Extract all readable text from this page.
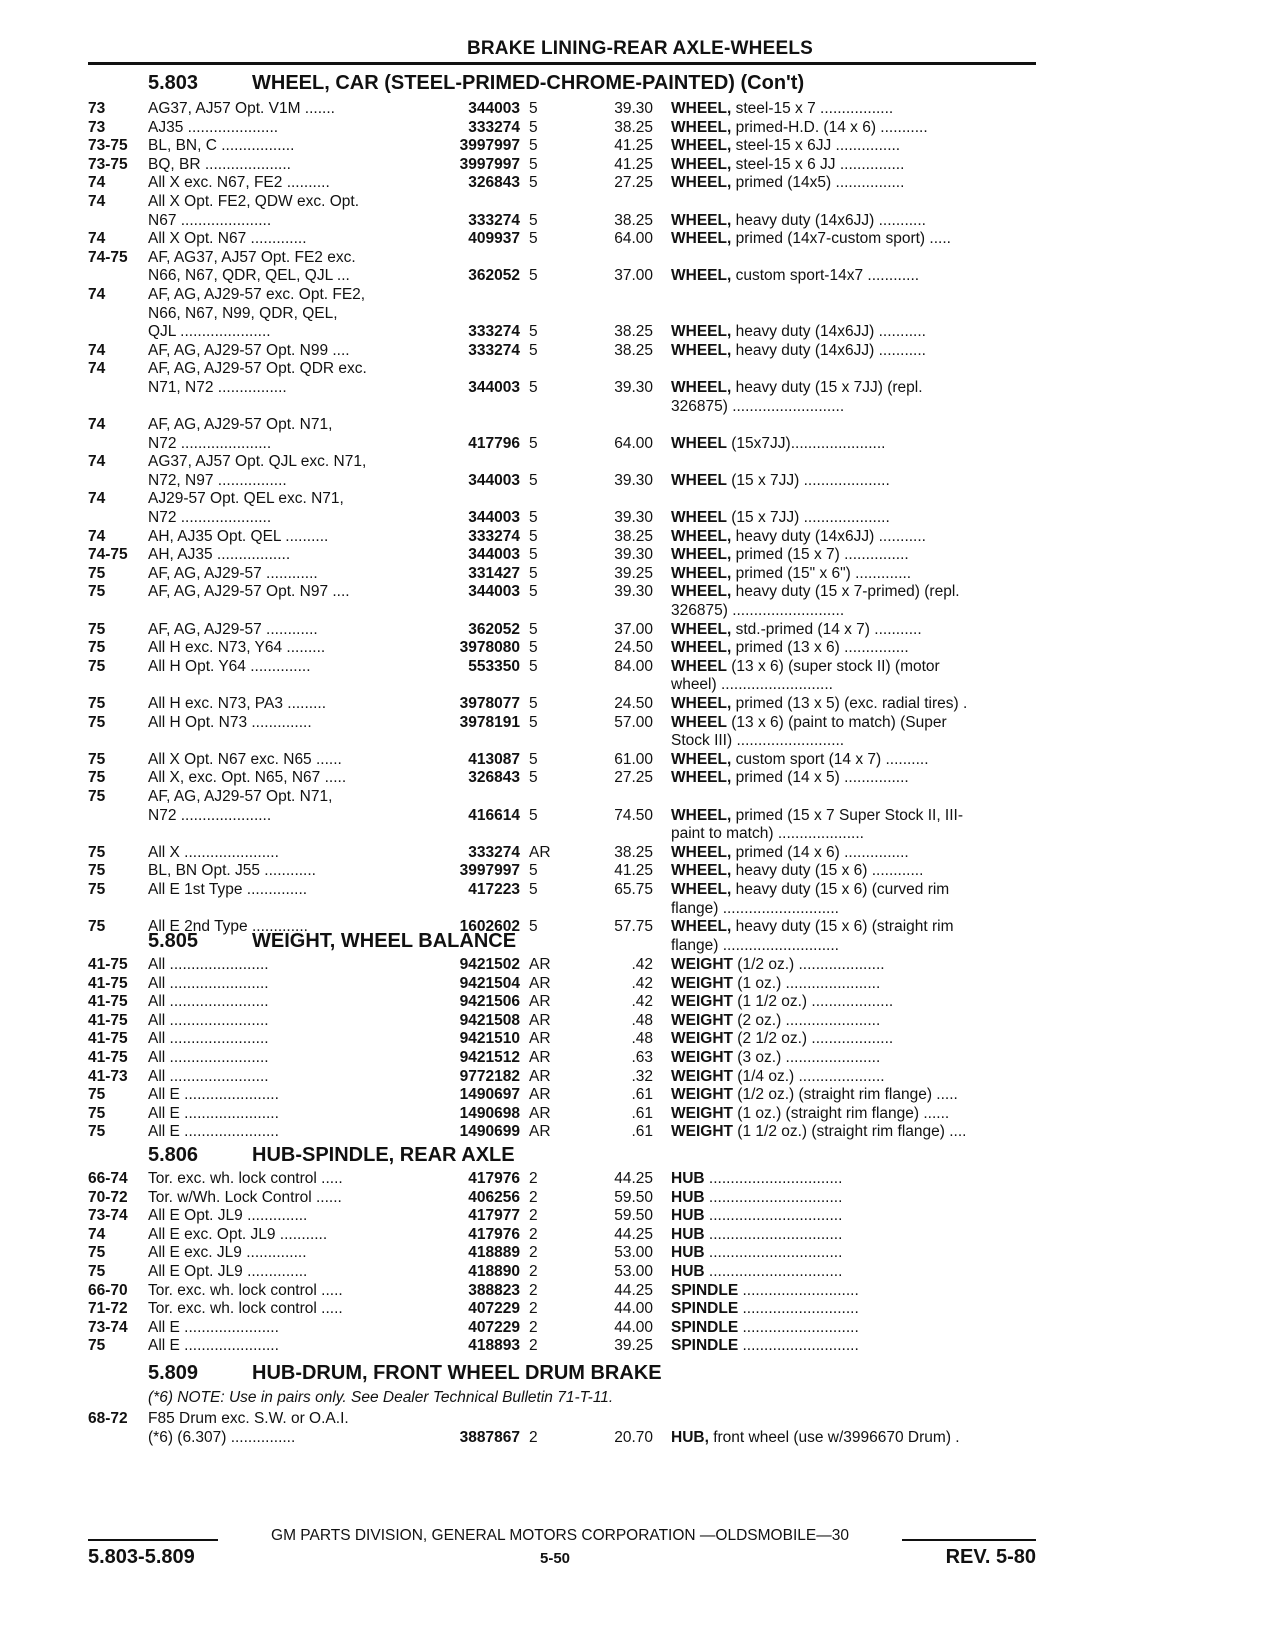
BRAKE LINING-REAR AXLE-WHEELS
5.803	WHEEL, CAR (STEEL-PRIMED-CHROME-PAINTED) (Con't)
73	AG37, AJ57 Opt. V1M .......	344003 5	39.30 WHEEL, steel-15 x 7 .................
73	AJ35 .....................	333274 5	38.25 WHEEL, primed-H.D. (14 x 6) ...........
73-75	BL, BN, C .................	3997997 5	41.25 WHEEL, steel-15 x 6JJ ...............
73-75	BQ, BR ....................	3997997 5	41.25 WHEEL, steel-15 x 6 JJ ...............
74	All X exc. N67, FE2 ..........	326843 5	27.25 WHEEL, primed (14x5) ................
74	All X Opt. FE2, QDW exc. Opt.
N67 .....................	333274 5	38.25 WHEEL, heavy duty (14x6JJ) ...........
74	All X Opt. N67 .............	409937 5	64.00 WHEEL, primed (14x7-custom sport) .....
74-75	AF, AG37, AJ57 Opt. FE2 exc.
N66, N67, QDR, QEL, QJL ...	362052 5	37.00 WHEEL, custom sport-14x7 ............
74	AF, AG, AJ29-57 exc. Opt. FE2,
N66, N67, N99, QDR, QEL,
QJL .....................	333274 5	38.25 WHEEL, heavy duty (14x6JJ) ...........
74	AF, AG, AJ29-57 Opt. N99 ....	333274 5	38.25 WHEEL, heavy duty (14x6JJ) ...........
74	AF, AG, AJ29-57 Opt. QDR exc.
N71, N72 ................	344003 5	39.30 WHEEL, heavy duty (15 x 7JJ) (repl.
326875) ..........................
74	AF, AG, AJ29-57 Opt. N71,
N72 .....................	417796 5	64.00 WHEEL (15x7JJ)......................
74	AG37, AJ57 Opt. QJL exc. N71,
N72, N97 ................	344003 5	39.30 WHEEL (15 x 7JJ) ....................
74	AJ29-57 Opt. QEL exc. N71,
N72 .....................	344003 5	39.30 WHEEL (15 x 7JJ) ....................
74	AH, AJ35 Opt. QEL ..........	333274 5	38.25 WHEEL, heavy duty (14x6JJ) ...........
74-75	AH, AJ35 .................	344003 5	39.30 WHEEL, primed (15 x 7) ...............
75	AF, AG, AJ29-57 ............	331427 5	39.25 WHEEL, primed (15" x 6") .............
75	AF, AG, AJ29-57 Opt. N97 ....	344003 5	39.30 WHEEL, heavy duty (15 x 7-primed) (repl.
326875) ..........................
75	AF, AG, AJ29-57 ............	362052 5	37.00 WHEEL, std.-primed (14 x 7) ...........
75	All H exc. N73, Y64 .........	3978080 5	24.50 WHEEL, primed (13 x 6) ...............
75	All H Opt. Y64 ..............	553350 5	84.00 WHEEL (13 x 6) (super stock II) (motor
wheel) ..........................
75	All H exc. N73, PA3 .........	3978077 5	24.50 WHEEL, primed (13 x 5) (exc. radial tires) .
75	All H Opt. N73 ..............	3978191 5	57.00 WHEEL (13 x 6) (paint to match) (Super
Stock III) .........................
75	All X Opt. N67 exc. N65 ......	413087 5	61.00 WHEEL, custom sport (14 x 7) ..........
75	All X, exc. Opt. N65, N67 .....	326843 5	27.25 WHEEL, primed (14 x 5) ...............
75	AF, AG, AJ29-57 Opt. N71,
N72 .....................	416614 5	74.50 WHEEL, primed (15 x 7 Super Stock II, III-
paint to match) ....................
75	All X ......................	333274 AR	38.25 WHEEL, primed (14 x 6) ...............
75	BL, BN Opt. J55 ............	3997997 5	41.25 WHEEL, heavy duty (15 x 6) ............
75	All E 1st Type ..............	417223 5	65.75 WHEEL, heavy duty (15 x 6) (curved rim
flange) ...........................
75	All E 2nd Type .............	1602602 5	57.75 WHEEL, heavy duty (15 x 6) (straight rim
flange) ...........................
5.805	WEIGHT, WHEEL BALANCE
41-75	All .......................	9421502 AR	.42 WEIGHT (1/2 oz.) ....................
41-75	All .......................	9421504 AR	.42 WEIGHT (1 oz.) ......................
41-75	All .......................	9421506 AR	.42 WEIGHT (1 1/2 oz.) ...................
41-75	All .......................	9421508 AR	.48 WEIGHT (2 oz.) ......................
41-75	All .......................	9421510 AR	.48 WEIGHT (2 1/2 oz.) ...................
41-75	All .......................	9421512 AR	.63 WEIGHT (3 oz.) ......................
41-73	All .......................	9772182 AR	.32 WEIGHT (1/4 oz.) ....................
75	All E ......................	1490697 AR	.61 WEIGHT (1/2 oz.) (straight rim flange) .....
75	All E ......................	1490698 AR	.61 WEIGHT (1 oz.) (straight rim flange) ......
75	All E ......................	1490699 AR	.61 WEIGHT (1 1/2 oz.) (straight rim flange) ....
5.806	HUB-SPINDLE, REAR AXLE
66-74	Tor. exc. wh. lock control .....	417976 2	44.25 HUB ...............................
70-72	Tor. w/Wh. Lock Control ......	406256 2	59.50 HUB ...............................
73-74	All E Opt. JL9 ..............	417977 2	59.50 HUB ...............................
74	All E exc. Opt. JL9 ...........	417976 2	44.25 HUB ...............................
75	All E exc. JL9 ..............	418889 2	53.00 HUB ...............................
75	All E Opt. JL9 ..............	418890 2	53.00 HUB ...............................
66-70	Tor. exc. wh. lock control .....	388823 2	44.25 SPINDLE ...........................
71-72	Tor. exc. wh. lock control .....	407229 2	44.00 SPINDLE ...........................
73-74	All E ......................	407229 2	44.00 SPINDLE ...........................
75	All E ......................	418893 2	39.25 SPINDLE ...........................
5.809	HUB-DRUM, FRONT WHEEL DRUM BRAKE
(*6) NOTE: Use in pairs only. See Dealer Technical Bulletin 71-T-11.
68-72	F85 Drum exc. S.W. or O.A.I.
(*6) (6.307) ...............	3887867 2	20.70 HUB, front wheel (use w/3996670 Drum) .
GM PARTS DIVISION, GENERAL MOTORS CORPORATION —OLDSMOBILE—30
5.803-5.809	5-50	REV. 5-80
